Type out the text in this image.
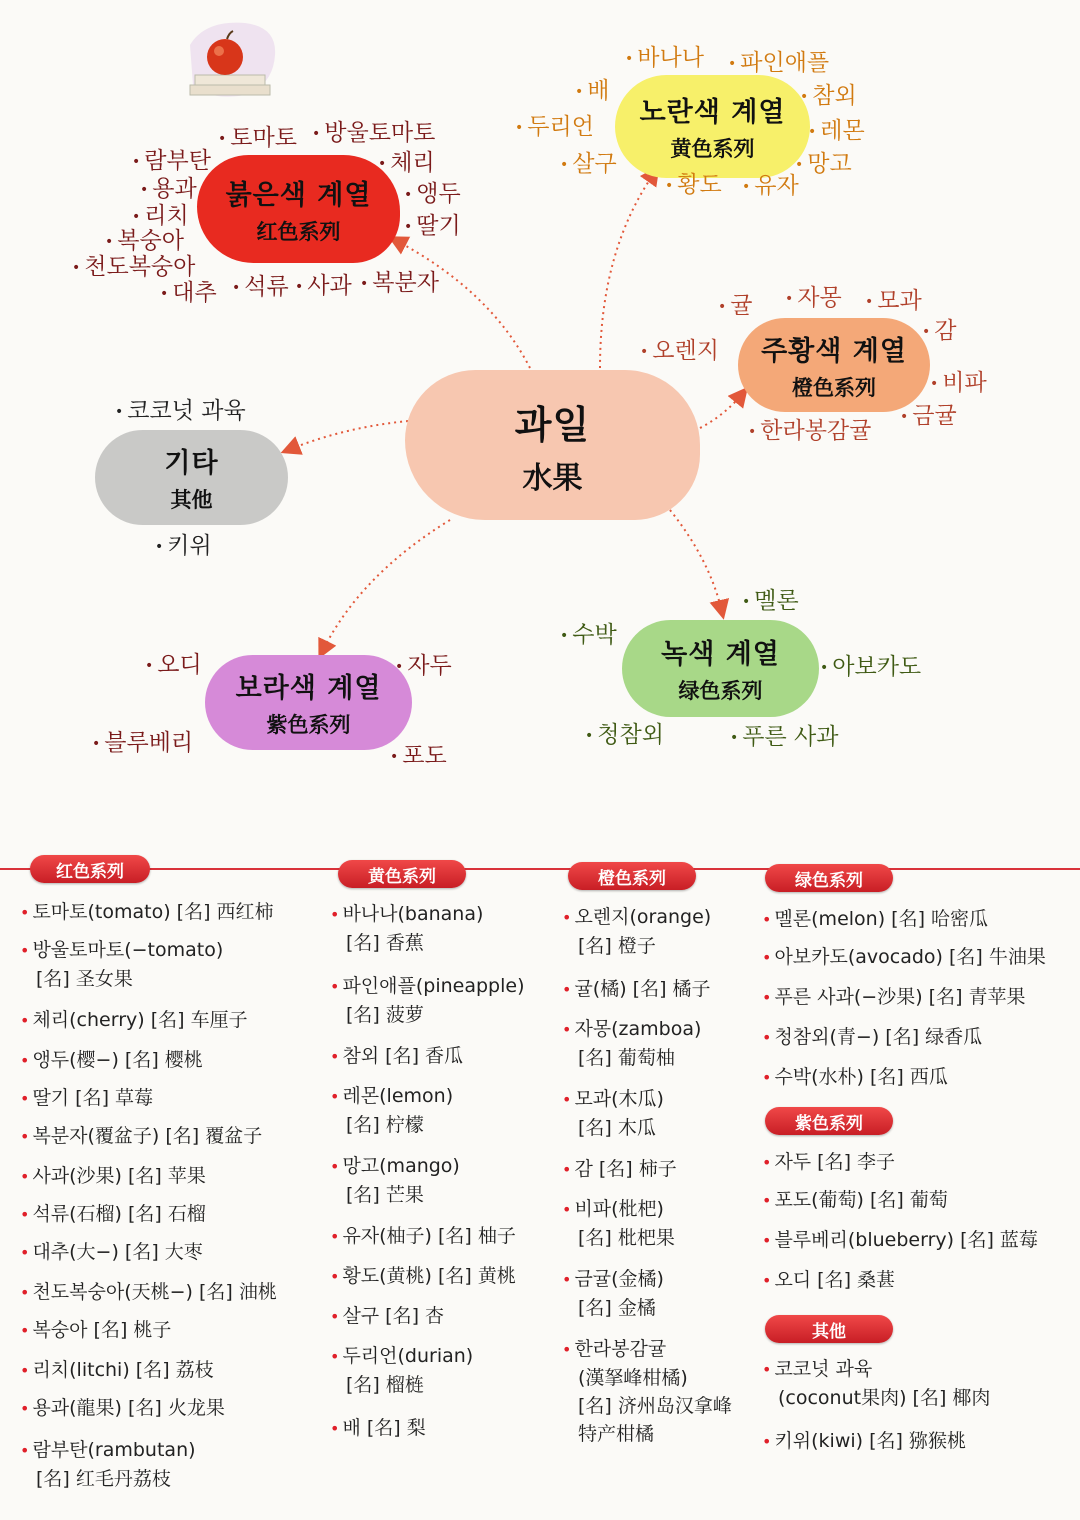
과일
水果
붉은색 계열
红色系列
노란색 계열
黄色系列
주황색 계열
橙色系列
기타
其他
보라색 계열
紫色系列
녹색 계열
绿色系列
• 토마토 • 방울토마토
• 람부탄	• 체리
• 용과	• 앵두
• 리치	• 딸기
• 복숭아
• 천도복숭아
• 대추 • 석류 • 사과 • 복분자
• 바나나 • 파인애플
• 배	• 참외
• 두리언	• 레몬
• 살구	• 망고
• 황도 • 유자
• 귤 • 자몽 • 모과
• 감
• 오렌지
• 비파
• 금귤
• 한라봉감귤
• 코코넛 과육
• 키위
• 오디	• 자두
• 블루베리
• 포도
• 멜론
• 수박
• 아보카도
• 청참외	• 푸른 사과
红色系列	黄色系列	橙色系列	绿色系列
紫色系列
其他
• 토마토(tomato) [名] 西红柿
• 방울토마토(−tomato)
[名] 圣女果
• 체리(cherry) [名] 车厘子
• 앵두(樱−) [名] 樱桃
• 딸기 [名] 草莓
• 복분자(覆盆子) [名] 覆盆子
• 사과(沙果) [名] 苹果
• 석류(石榴) [名] 石榴
• 대추(大−) [名] 大枣
• 천도복숭아(天桃−) [名] 油桃
• 복숭아 [名] 桃子
• 리치(litchi) [名] 荔枝
• 용과(龍果) [名] 火龙果
• 람부탄(rambutan)
[名] 红毛丹荔枝
• 바나나(banana)
[名] 香蕉
• 파인애플(pineapple)
[名] 菠萝
• 참외 [名] 香瓜
• 레몬(lemon)
[名] 柠檬
• 망고(mango)
[名] 芒果
• 유자(柚子) [名] 柚子
• 황도(黄桃) [名] 黄桃
• 살구 [名] 杏
• 두리언(durian)
[名] 榴梿
• 배 [名] 梨
• 오렌지(orange)
[名] 橙子
• 귤(橘) [名] 橘子
• 자몽(zamboa)
[名] 葡萄柚
• 모과(木瓜)
[名] 木瓜
• 감 [名] 柿子
• 비파(枇杷)
[名] 枇杷果
• 금귤(金橘)
[名] 金橘
• 한라봉감귤
(漢拏峰柑橘)
[名] 济州岛汉拿峰
特产柑橘
• 멜론(melon) [名] 哈密瓜
• 아보카도(avocado) [名] 牛油果
• 푸른 사과(−沙果) [名] 青苹果
• 청참외(青−) [名] 绿香瓜
• 수박(水朴) [名] 西瓜
• 자두 [名] 李子
• 포도(葡萄) [名] 葡萄
• 블루베리(blueberry) [名] 蓝莓
• 오디 [名] 桑葚
• 코코넛 과육
(coconut果肉) [名] 椰肉
• 키위(kiwi) [名] 猕猴桃
